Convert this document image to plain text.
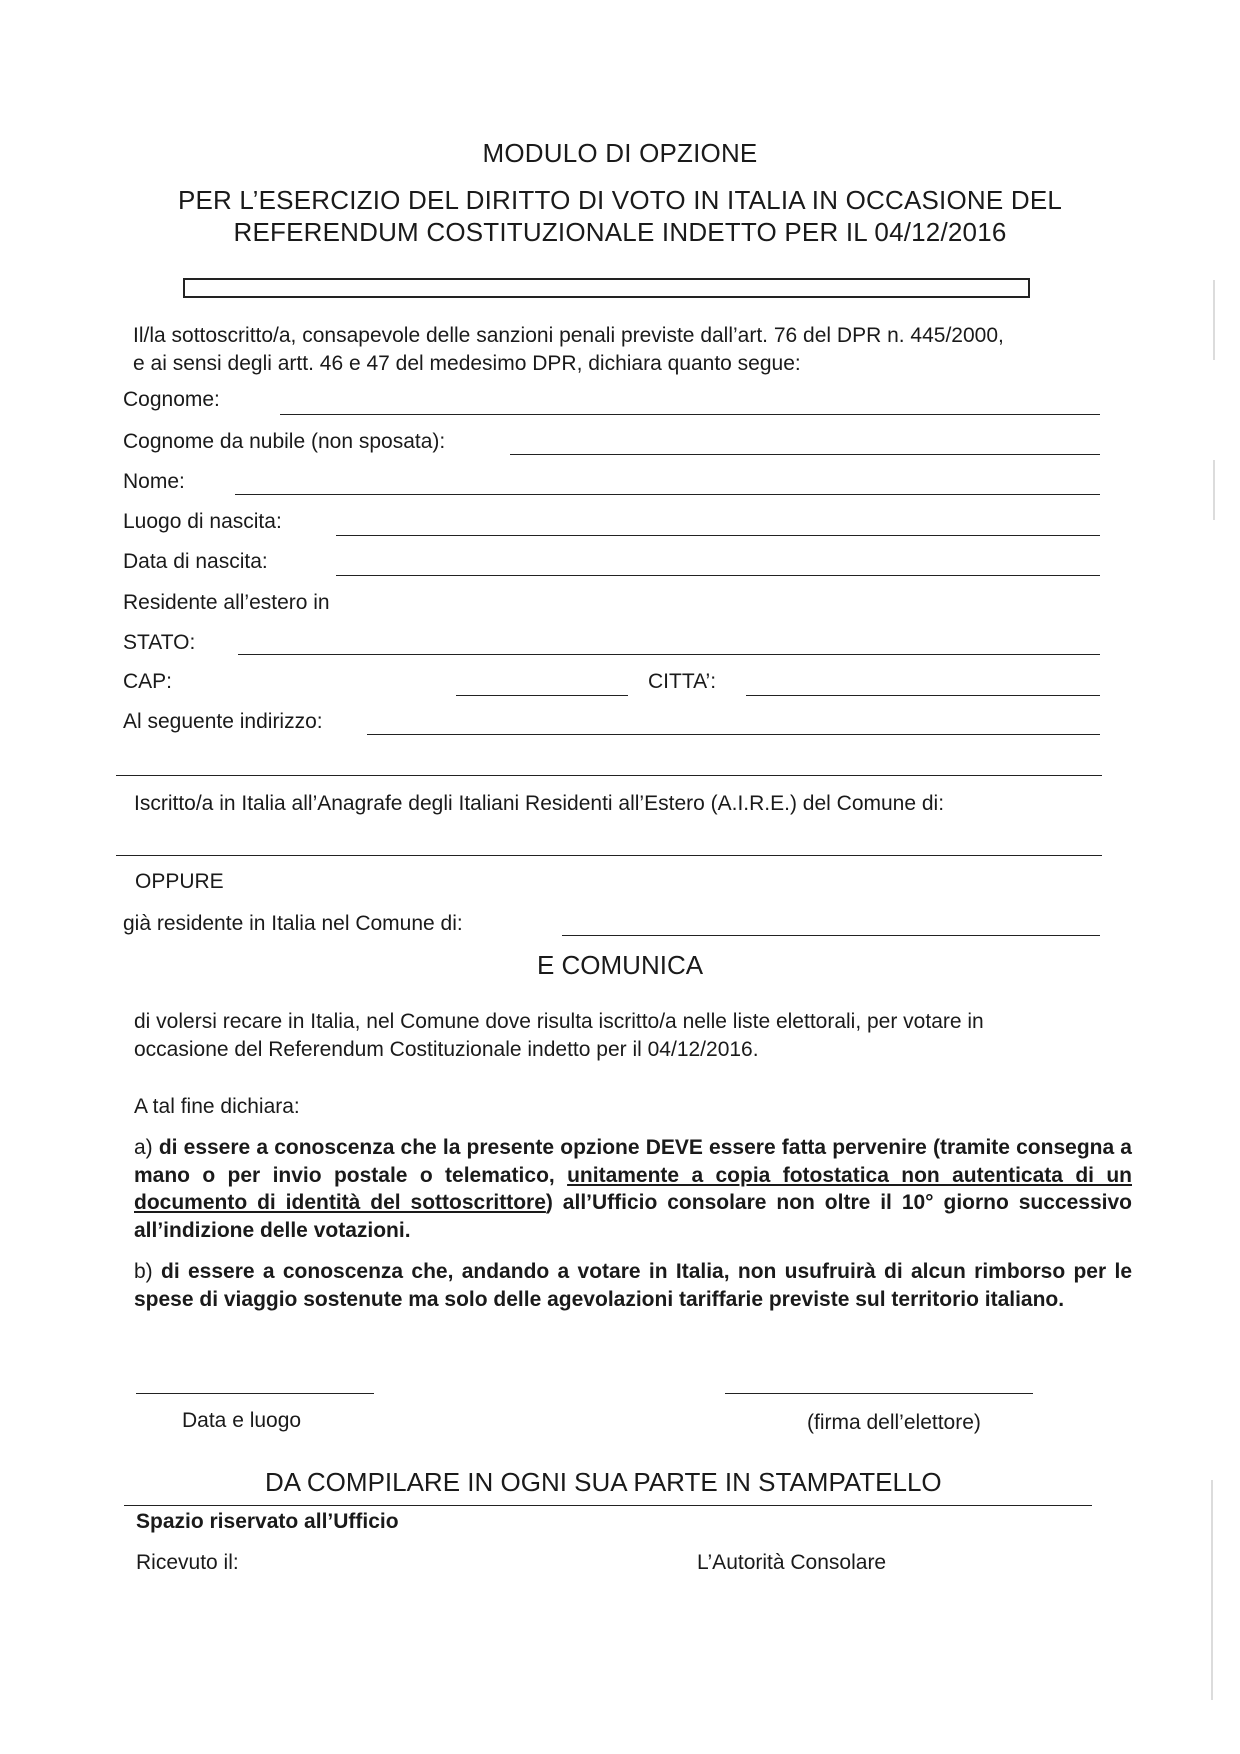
MODULO DI OPZIONE
PER L’ESERCIZIO DEL DIRITTO DI VOTO IN ITALIA IN OCCASIONE DEL
REFERENDUM COSTITUZIONALE INDETTO PER IL 04/12/2016
Il/la sottoscritto/a, consapevole delle sanzioni penali previste dall’art. 76 del DPR n. 445/2000,
e ai sensi degli artt. 46 e 47 del medesimo DPR, dichiara quanto segue:
Cognome:
Cognome da nubile (non sposata):
Nome:
Luogo di nascita:
Data di nascita:
Residente all’estero in
STATO:
CAP:	CITTA’:
Al seguente indirizzo:
Iscritto/a in Italia all’Anagrafe degli Italiani Residenti all’Estero (A.I.R.E.) del Comune di:
OPPURE
già residente in Italia nel Comune di:
E COMUNICA
di volersi recare in Italia, nel Comune dove risulta iscritto/a nelle liste elettorali, per votare in
occasione del Referendum Costituzionale indetto per il 04/12/2016.
A tal fine dichiara:
a) di essere a conoscenza che la presente opzione DEVE essere fatta pervenire (tramite consegna a mano o per invio postale o telematico, unitamente a copia fotostatica non autenticata di un documento di identità del sottoscrittore) all’Ufficio consolare non oltre il 10° giorno successivo all’indizione delle votazioni.
b) di essere a conoscenza che, andando a votare in Italia, non usufruirà di alcun rimborso per le spese di viaggio sostenute ma solo delle agevolazioni tariffarie previste sul territorio italiano.
Data e luogo	(firma dell’elettore)
DA COMPILARE IN OGNI SUA PARTE IN STAMPATELLO
Spazio riservato all’Ufficio
Ricevuto il:	L’Autorità Consolare
